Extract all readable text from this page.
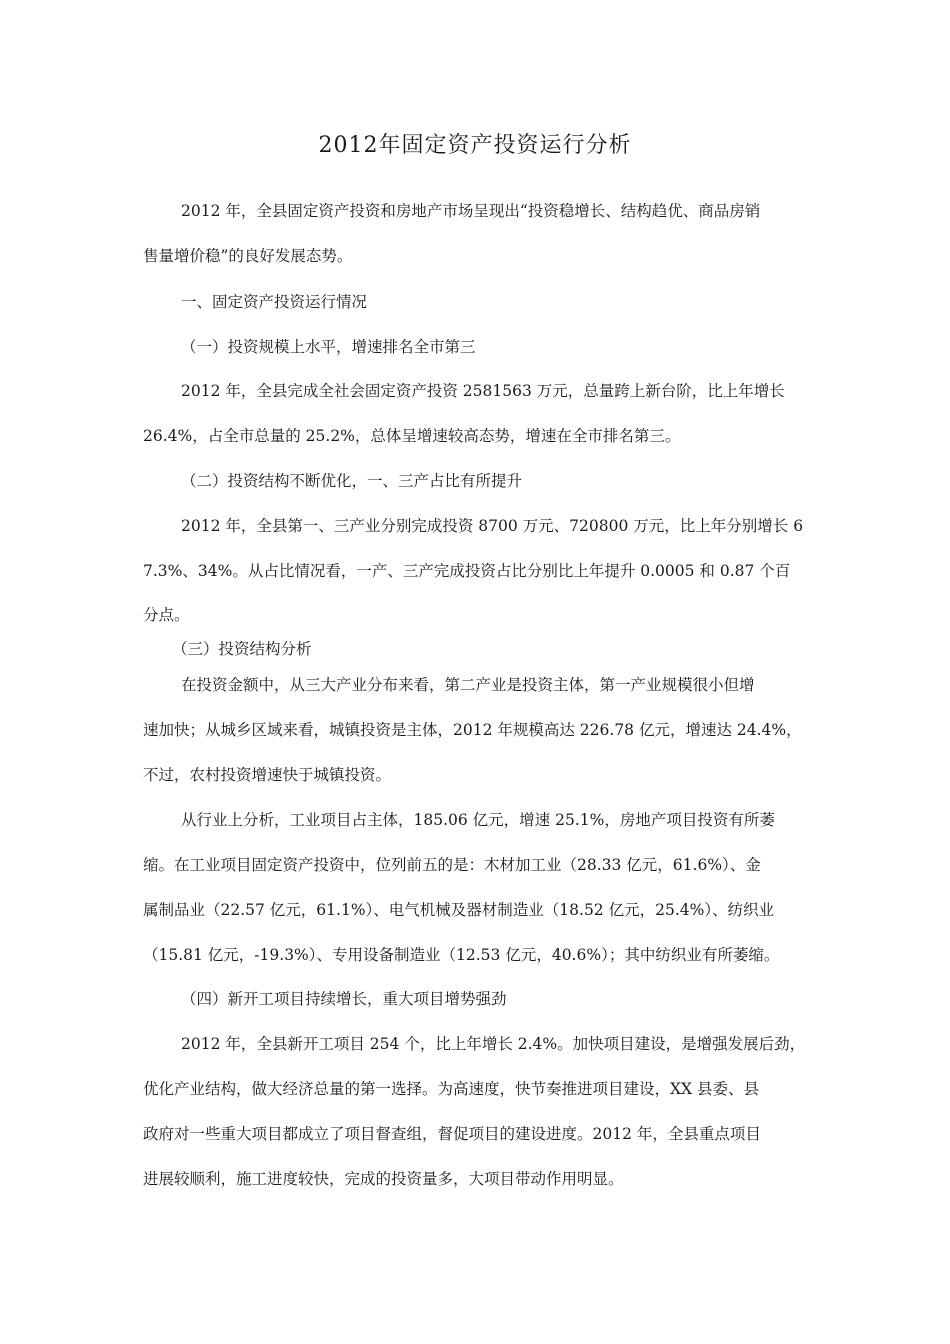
2012年固定资产投资运行分析
2012 年，全县固定资产投资和房地产市场呈现出“投资稳增长、结构趋优、商品房销
售量增价稳”的良好发展态势。
一、固定资产投资运行情况
（一）投资规模上水平，增速排名全市第三
2012 年，全县完成全社会固定资产投资 2581563 万元，总量跨上新台阶，比上年增长
26.4%，占全市总量的 25.2%，总体呈增速较高态势，增速在全市排名第三。
（二）投资结构不断优化，一、三产占比有所提升
2012 年，全县第一、三产业分别完成投资 8700 万元、720800 万元，比上年分别增长 6
7.3%、34%。从占比情况看，一产、三产完成投资占比分别比上年提升 0.0005 和 0.87 个百
分点。
（三）投资结构分析
在投资金额中，从三大产业分布来看，第二产业是投资主体，第一产业规模很小但增
速加快；从城乡区域来看，城镇投资是主体，2012 年规模高达 226.78 亿元，增速达 24.4%，
不过，农村投资增速快于城镇投资。
从行业上分析，工业项目占主体，185.06 亿元，增速 25.1%，房地产项目投资有所萎
缩。在工业项目固定资产投资中，位列前五的是：木材加工业（28.33 亿元，61.6%）、金
属制品业（22.57 亿元，61.1%）、电气机械及器材制造业（18.52 亿元，25.4%）、纺织业
（15.81 亿元，-19.3%）、专用设备制造业（12.53 亿元，40.6%）；其中纺织业有所萎缩。
（四）新开工项目持续增长，重大项目增势强劲
2012 年，全县新开工项目 254 个，比上年增长 2.4%。加快项目建设，是增强发展后劲，
优化产业结构，做大经济总量的第一选择。为高速度，快节奏推进项目建设，XX 县委、县
政府对一些重大项目都成立了项目督查组，督促项目的建设进度。2012 年，全县重点项目
进展较顺利，施工进度较快，完成的投资量多，大项目带动作用明显。
